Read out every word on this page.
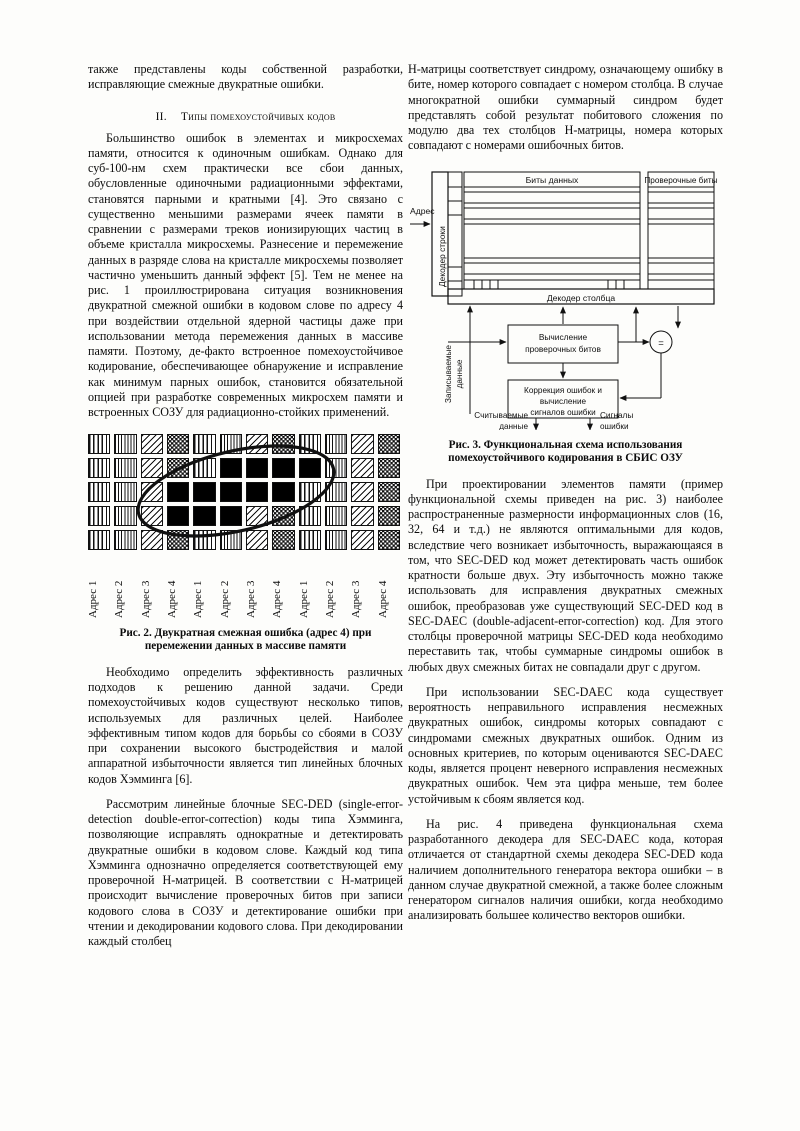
также представлены коды собственной разработки, исправляющие смежные двукратные ошибки.

II. Типы помехоустойчивых кодов

Большинство ошибок в элементах и микросхемах памяти, относится к одиночным ошибкам. Однако для суб-100-нм схем практически все сбои данных, обусловленные одиночными радиационными эффектами, становятся парными и кратными [4]. Это связано с существенно меньшими размерами ячеек памяти в сравнении с размерами треков ионизирующих частиц в объеме кристалла микросхемы. Разнесение и перемежение данных в разряде слова на кристалле микросхемы позволяет частично уменьшить данный эффект [5]. Тем не менее на рис. 1 проиллюстрирована ситуация возникновения двукратной смежной ошибки в кодовом слове по адресу 4 при воздействии отдельной ядерной частицы даже при использовании метода перемежения данных в массиве памяти. Поэтому, де-факто встроенное помехоустойчивое кодирование, обеспечивающее обнаружение и исправление как минимум парных ошибок, становится обязательной опцией при разработке современных микросхем памяти и встроенных СОЗУ для радиационно-стойких применений.

Адрес 1	Адрес 2	Адрес 3	Адрес 4	Адрес 1	Адрес 2	Адрес 3	Адрес 4	Адрес 1	Адрес 2	Адрес 3	Адрес 4

Рис. 2. Двукратная смежная ошибка (адрес 4) при перемежении данных в массиве памяти

Необходимо определить эффективность различных подходов к решению данной задачи. Среди помехоустойчивых кодов существуют несколько типов, используемых для различных целей. Наиболее эффективным типом кодов для борьбы со сбоями в СОЗУ при сохранении высокого быстродействия и малой аппаратной избыточности является тип линейных блочных кодов Хэмминга [6].

Рассмотрим линейные блочные SEC-DED (single-error-detection double-error-correction) коды типа Хэмминга, позволяющие исправлять однократные и детектировать двукратные ошибки в кодовом слове. Каждый код типа Хэмминга однозначно определяется соответствующей ему проверочной H-матрицей. В соответствии с H-матрицей происходит вычисление проверочных битов при записи кодового слова в СОЗУ и детектирование ошибки при чтении и декодировании кодового слова. При декодировании каждый столбец

H-матрицы соответствует синдрому, означающему ошибку в бите, номер которого совпадает с номером столбца. В случае многократной ошибки суммарный синдром будет представлять собой результат побитового сложения по модулю два тех столбцов H-матрицы, номера которых совпадают с номерами ошибочных битов.

Адрес
Декодер строки
Биты данных	Проверочные биты
Декодер столбца
Вычисление
проверочных битов
Коррекция ошибок и
вычисление
сигналов ошибки
Записываемые данные
Считываемые
данные
Сигналы
ошибки
=

Рис. 3. Функциональная схема использования помехоустойчивого кодирования в СБИС ОЗУ

При проектировании элементов памяти (пример функциональной схемы приведен на рис. 3) наиболее распространенные размерности информационных слов (16, 32, 64 и т.д.) не являются оптимальными для кодов, вследствие чего возникает избыточность, выражающаяся в том, что SEC-DED код может детектировать часть ошибок кратности больше двух. Эту избыточность можно также использовать для исправления двукратных смежных ошибок, преобразовав уже существующий SEC-DED код в SEC-DAEC (double-adjacent-error-correction) код. Для этого столбцы проверочной матрицы SEC-DED кода необходимо переставить так, чтобы суммарные синдромы ошибок в любых двух смежных битах не совпадали друг с другом.

При использовании SEC-DAEC кода существует вероятность неправильного исправления несмежных двукратных ошибок, синдромы которых совпадают с синдромами смежных двукратных ошибок. Одним из основных критериев, по которым оцениваются SEC-DAEC коды, является процент неверного исправления несмежных двукратных ошибок. Чем эта цифра меньше, тем более устойчивым к сбоям является код.

На рис. 4 приведена функциональная схема разработанного декодера для SEC-DAEC кода, которая отличается от стандартной схемы декодера SEC-DED кода наличием дополнительного генератора вектора ошибки – в данном случае двукратной смежной, а также более сложным генератором сигналов наличия ошибки, когда необходимо анализировать большее количество векторов ошибки.
